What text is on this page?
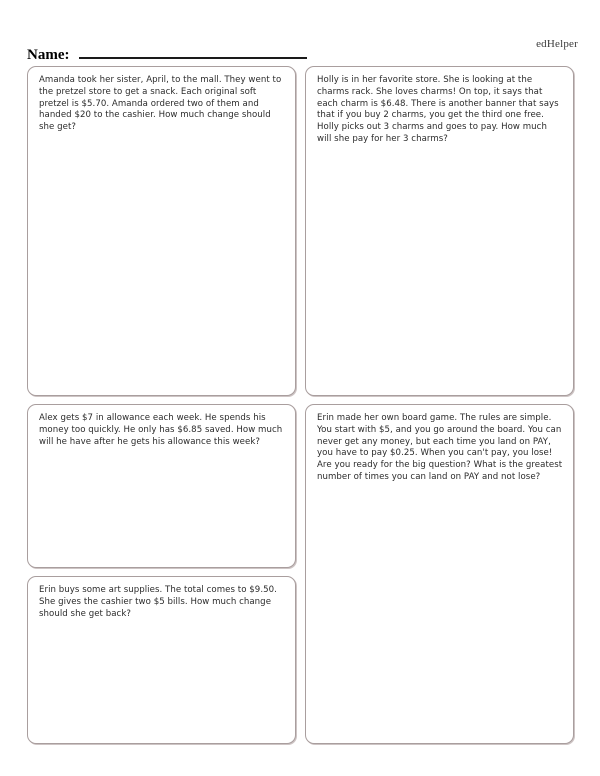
edHelper
Name:

Amanda took her sister, April, to the mall. They went to the pretzel store to get a snack. Each original soft pretzel is $5.70. Amanda ordered two of them and handed $20 to the cashier. How much change should she get?

Holly is in her favorite store. She is looking at the charms rack. She loves charms! On top, it says that each charm is $6.48. There is another banner that says that if you buy 2 charms, you get the third one free. Holly picks out 3 charms and goes to pay. How much will she pay for her 3 charms?

Alex gets $7 in allowance each week. He spends his money too quickly. He only has $6.85 saved. How much will he have after he gets his allowance this week?

Erin made her own board game. The rules are simple. You start with $5, and you go around the board. You can never get any money, but each time you land on PAY, you have to pay $0.25. When you can't pay, you lose! Are you ready for the big question? What is the greatest number of times you can land on PAY and not lose?

Erin buys some art supplies. The total comes to $9.50. She gives the cashier two $5 bills. How much change should she get back?
